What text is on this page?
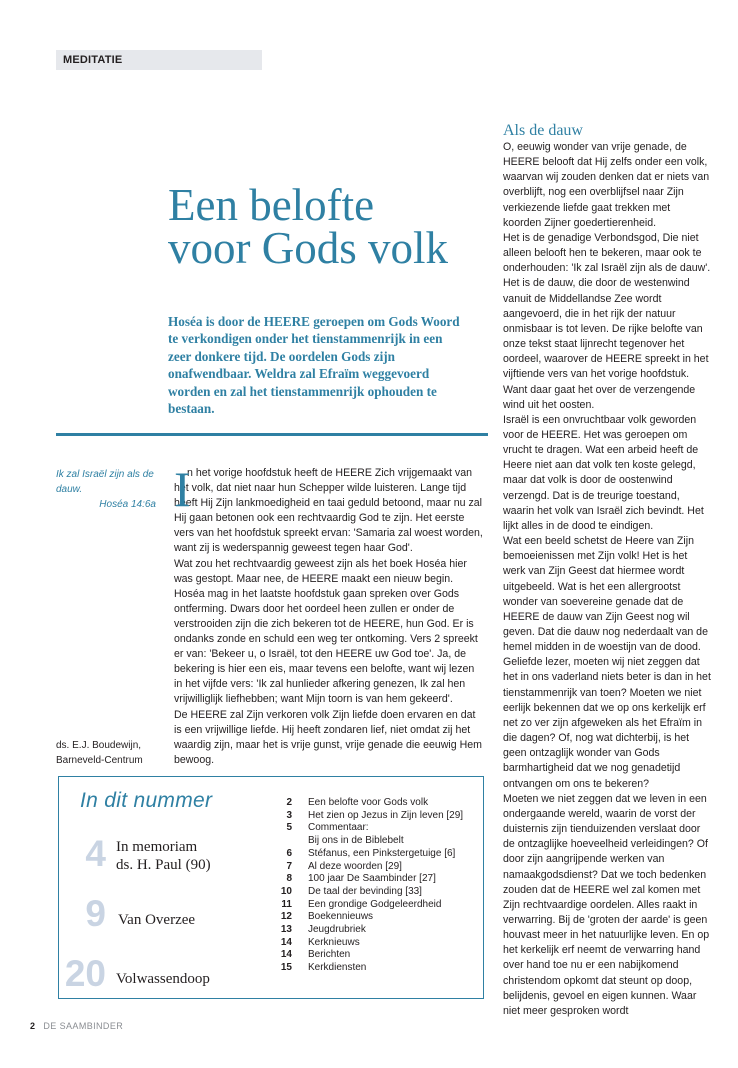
MEDITATIE
Een belofte
voor Gods volk
Hoséa is door de HEERE geroepen om Gods Woord te verkondigen onder het tienstammenrijk in een zeer donkere tijd. De oordelen Gods zijn onafwendbaar. Weldra zal Efraïm weggevoerd worden en zal het tienstammenrijk ophouden te bestaan.
Ik zal Israël zijn als de dauw.
Hoséa 14:6a
ds. E.J. Boudewijn,
Barneveld-Centrum
I

n het vorige hoofdstuk heeft de HEERE Zich vrijgemaakt van het volk, dat niet naar hun Schepper wilde luisteren. Lange tijd heeft Hij Zijn lankmoedigheid en taai geduld betoond, maar nu zal Hij gaan betonen ook een rechtvaardig God te zijn. Het eerste vers van het hoofdstuk spreekt ervan: 'Samaria zal woest worden, want zij is wederspannig geweest tegen haar God'.

Wat zou het rechtvaardig geweest zijn als het boek Hoséa hier was gestopt. Maar nee, de HEERE maakt een nieuw begin. Hoséa mag in het laatste hoofdstuk gaan spreken over Gods ontferming. Dwars door het oordeel heen zullen er onder de verstrooiden zijn die zich bekeren tot de HEERE, hun God. Er is ondanks zonde en schuld een weg ter ontkoming. Vers 2 spreekt er van: 'Bekeer u, o Israël, tot den HEERE uw God toe'. Ja, de bekering is hier een eis, maar tevens een belofte, want wij lezen in het vijfde vers: 'Ik zal hunlieder afkering genezen, Ik zal hen vrijwilliglijk liefhebben; want Mijn toorn is van hem gekeerd'.

De HEERE zal Zijn verkoren volk Zijn liefde doen ervaren en dat is een vrijwillige liefde. Hij heeft zondaren lief, niet omdat zij het waardig zijn, maar het is vrije gunst, vrije genade die eeuwig Hem bewoog.

Als de dauw

O, eeuwig wonder van vrije genade, de HEERE belooft dat Hij zelfs onder een volk, waarvan wij zouden denken dat er niets van overblijft, nog een overblijfsel naar Zijn verkiezende liefde gaat trekken met koorden Zijner goedertierenheid.

Het is de genadige Verbondsgod, Die niet alleen belooft hen te bekeren, maar ook te onderhouden: 'Ik zal Israël zijn als de dauw'. Het is de dauw, die door de westenwind vanuit de Middellandse Zee wordt aangevoerd, die in het rijk der natuur onmisbaar is tot leven. De rijke belofte van onze tekst staat lijnrecht tegenover het oordeel, waarover de HEERE spreekt in het vijftiende vers van het vorige hoofdstuk. Want daar gaat het over de verzengende wind uit het oosten.

Israël is een onvruchtbaar volk geworden voor de HEERE. Het was geroepen om vrucht te dragen. Wat een arbeid heeft de Heere niet aan dat volk ten koste gelegd, maar dat volk is door de oostenwind verzengd. Dat is de treurige toestand, waarin het volk van Israël zich bevindt. Het lijkt alles in de dood te eindigen.

Wat een beeld schetst de Heere van Zijn bemoeienissen met Zijn volk! Het is het werk van Zijn Geest dat hiermee wordt uitgebeeld. Wat is het een allergrootst wonder van soevereine genade dat de HEERE de dauw van Zijn Geest nog wil geven. Dat die dauw nog nederdaalt van de hemel midden in de woestijn van de dood. Geliefde lezer, moeten wij niet zeggen dat het in ons vaderland niets beter is dan in het tienstammenrijk van toen? Moeten we niet eerlijk bekennen dat we op ons kerkelijk erf net zo ver zijn afgeweken als het Efraïm in die dagen? Of, nog wat dichterbij, is het geen ontzaglijk wonder van Gods barmhartigheid dat we nog genadetijd ontvangen om ons te bekeren?

Moeten we niet zeggen dat we leven in een ondergaande wereld, waarin de vorst der duisternis zijn tienduizenden verslaat door de ontzaglijke hoeveelheid verleidingen? Of door zijn aangrijpende werken van namaakgodsdienst? Dat we toch bedenken zouden dat de HEERE wel zal komen met Zijn rechtvaardige oordelen. Alles raakt in verwarring. Bij de 'groten der aarde' is geen houvast meer in het natuurlijke leven. En op het kerkelijk erf neemt de verwarring hand over hand toe nu er een nabijkomend christendom opkomt dat steunt op doop, belijdenis, gevoel en eigen kunnen. Waar niet meer gesproken wordt

In dit nummer
4 In memoriam
ds. H. Paul (90)
9 Van Overzee
20 Volwassendoop
2 Een belofte voor Gods volk
3 Het zien op Jezus in Zijn leven [29]
5 Commentaar:
Bij ons in de Biblebelt
6 Stéfanus, een Pinkstergetuige [6]
7 Al deze woorden [29]
8 100 jaar De Saambinder [27]
10 De taal der bevinding [33]
11 Een grondige Godgeleerdheid
12 Boekennieuws
13 Jeugdrubriek
14 Kerknieuws
14 Berichten
15 Kerkdiensten
2 DE SAAMBINDER
